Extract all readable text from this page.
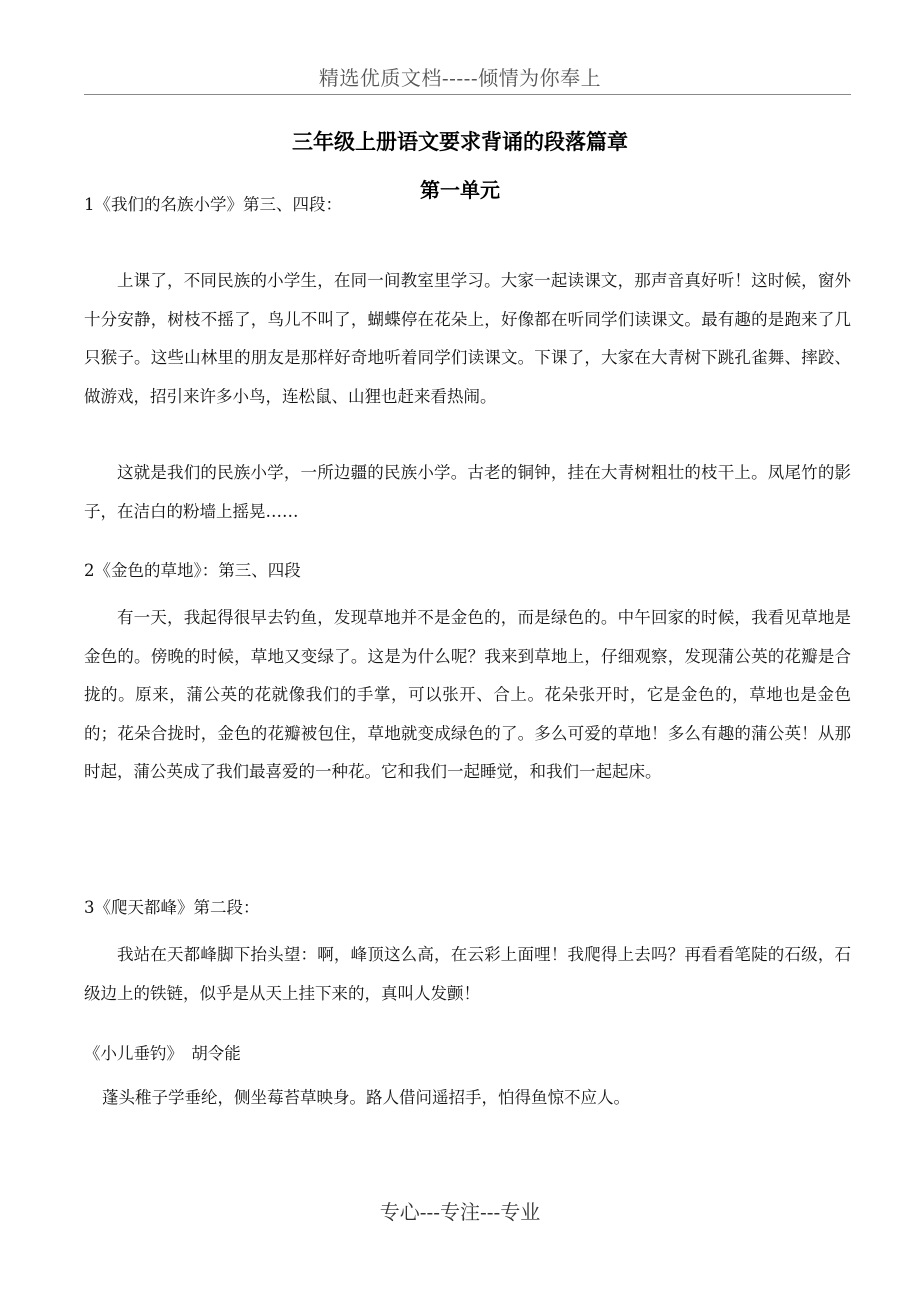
精选优质文档-----倾情为你奉上
三年级上册语文要求背诵的段落篇章
第一单元
1《我们的名族小学》第三、四段：
上课了，不同民族的小学生，在同一间教室里学习。大家一起读课文，那声音真好听！这时候，窗外十分安静，树枝不摇了，鸟儿不叫了，蝴蝶停在花朵上，好像都在听同学们读课文。最有趣的是跑来了几只猴子。这些山林里的朋友是那样好奇地听着同学们读课文。下课了，大家在大青树下跳孔雀舞、摔跤、做游戏，招引来许多小鸟，连松鼠、山狸也赶来看热闹。
这就是我们的民族小学，一所边疆的民族小学。古老的铜钟，挂在大青树粗壮的枝干上。凤尾竹的影子，在洁白的粉墙上摇晃……
2《金色的草地》：第三、四段
有一天，我起得很早去钓鱼，发现草地并不是金色的，而是绿色的。中午回家的时候，我看见草地是金色的。傍晚的时候，草地又变绿了。这是为什么呢？我来到草地上，仔细观察，发现蒲公英的花瓣是合拢的。原来，蒲公英的花就像我们的手掌，可以张开、合上。花朵张开时，它是金色的，草地也是金色的；花朵合拢时，金色的花瓣被包住，草地就变成绿色的了。多么可爱的草地！多么有趣的蒲公英！从那时起，蒲公英成了我们最喜爱的一种花。它和我们一起睡觉，和我们一起起床。
3《爬天都峰》第二段：
我站在天都峰脚下抬头望：啊，峰顶这么高，在云彩上面哩！我爬得上去吗？再看看笔陡的石级，石级边上的铁链，似乎是从天上挂下来的，真叫人发颤！
《小儿垂钓》　胡令能
蓬头稚子学垂纶，侧坐莓苔草映身。路人借问遥招手，怕得鱼惊不应人。
专心---专注---专业
